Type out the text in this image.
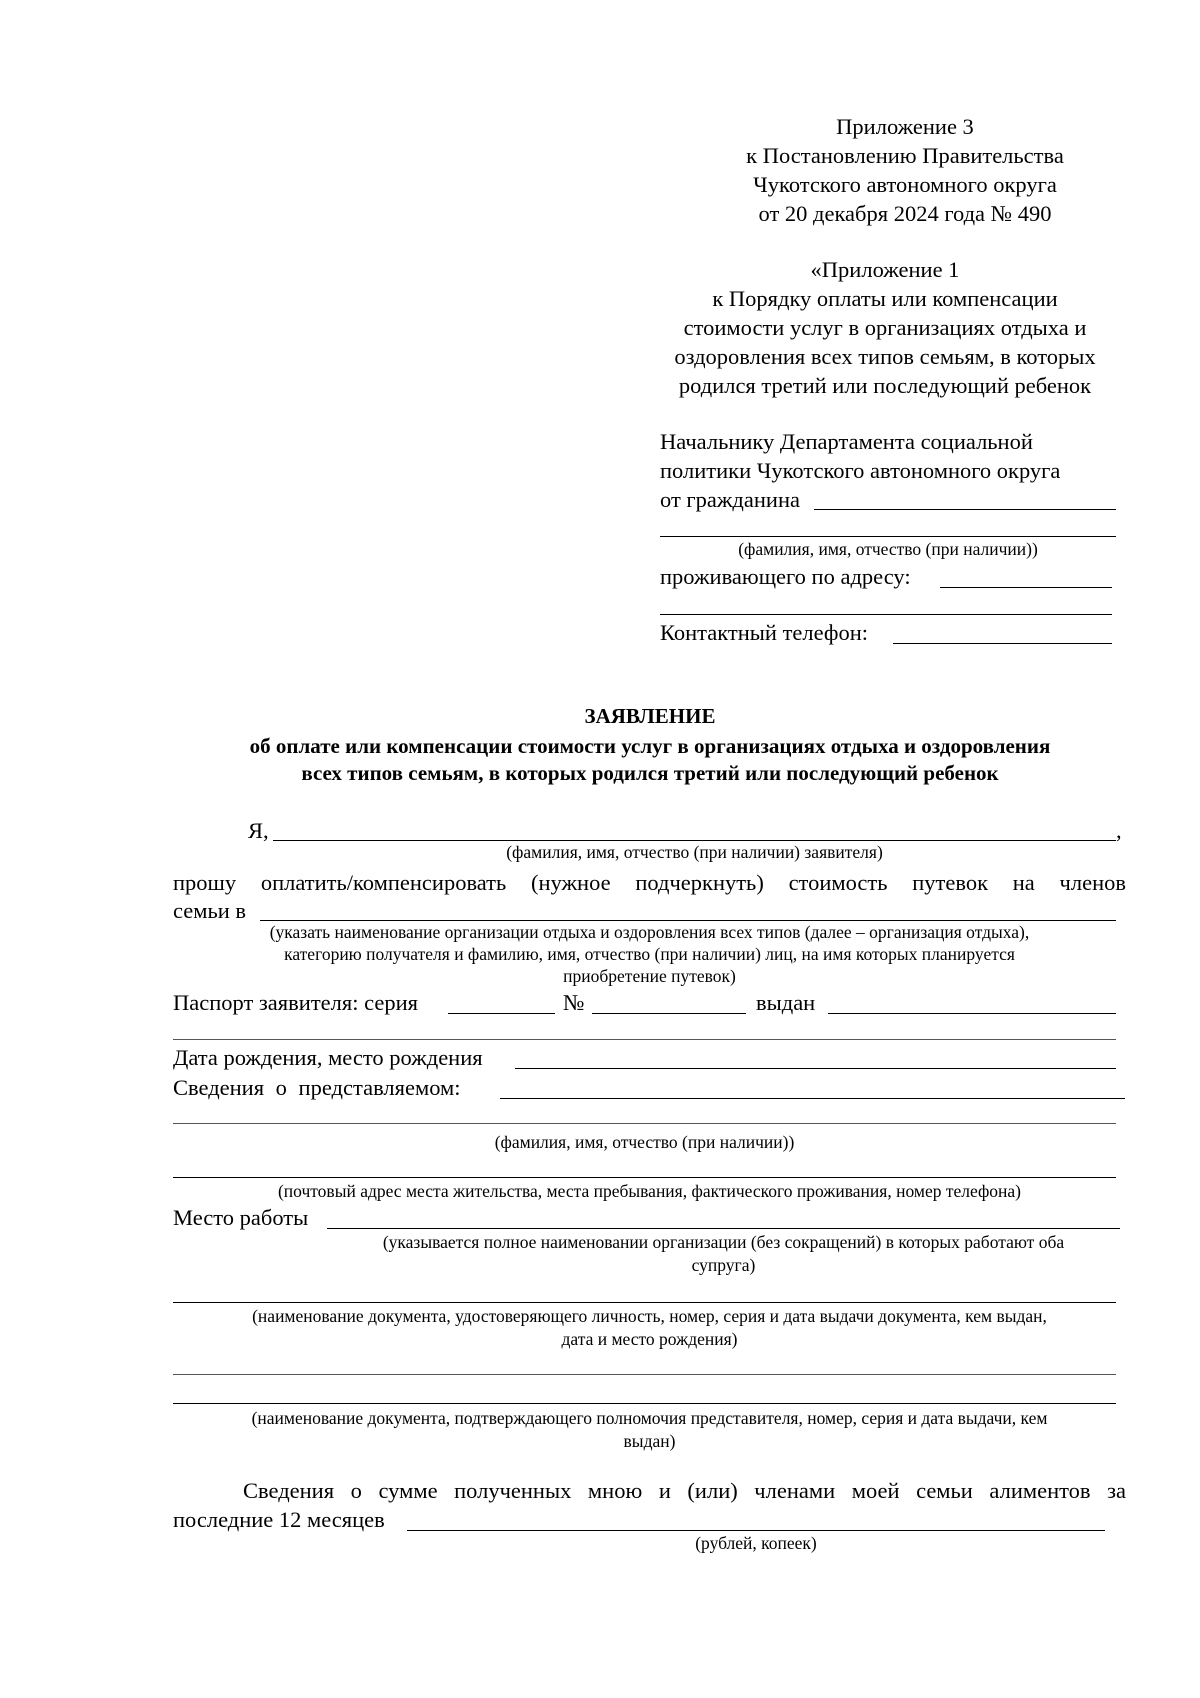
Приложение 3
к Постановлению Правительства
Чукотского автономного округа
от 20 декабря 2024 года № 490
«Приложение 1
к Порядку оплаты или компенсации
стоимости услуг в организациях отдыха и
оздоровления всех типов семьям, в которых
родился третий или последующий ребенок
Начальнику Департамента социальной
политики Чукотского автономного округа
от гражданина
(фамилия, имя, отчество (при наличии))
проживающего по адресу:
Контактный телефон:
ЗАЯВЛЕНИЕ
об оплате или компенсации стоимости услуг в организациях отдыха и оздоровления
всех типов семьям, в которых родился третий или последующий ребенок
Я,	,
(фамилия, имя, отчество (при наличии) заявителя)
прошу оплатить/компенсировать (нужное подчеркнуть) стоимость путевок на членов
семьи в
(указать наименование организации отдыха и оздоровления всех типов (далее – организация отдыха),
категорию получателя и фамилию, имя, отчество (при наличии) лиц, на имя которых планируется
приобретение путевок)
Паспорт заявителя: серия	№	выдан
Дата рождения, место рождения
Сведения о представляемом:
(фамилия, имя, отчество (при наличии))
(почтовый адрес места жительства, места пребывания, фактического проживания, номер телефона)
Место работы
(указывается полное наименовании организации (без сокращений) в которых работают оба
супруга)
(наименование документа, удостоверяющего личность, номер, серия и дата выдачи документа, кем выдан,
дата и место рождения)
(наименование документа, подтверждающего полномочия представителя, номер, серия и дата выдачи, кем
выдан)
Сведения о сумме полученных мною и (или) членами моей семьи алиментов за
последние 12 месяцев
(рублей, копеек)
